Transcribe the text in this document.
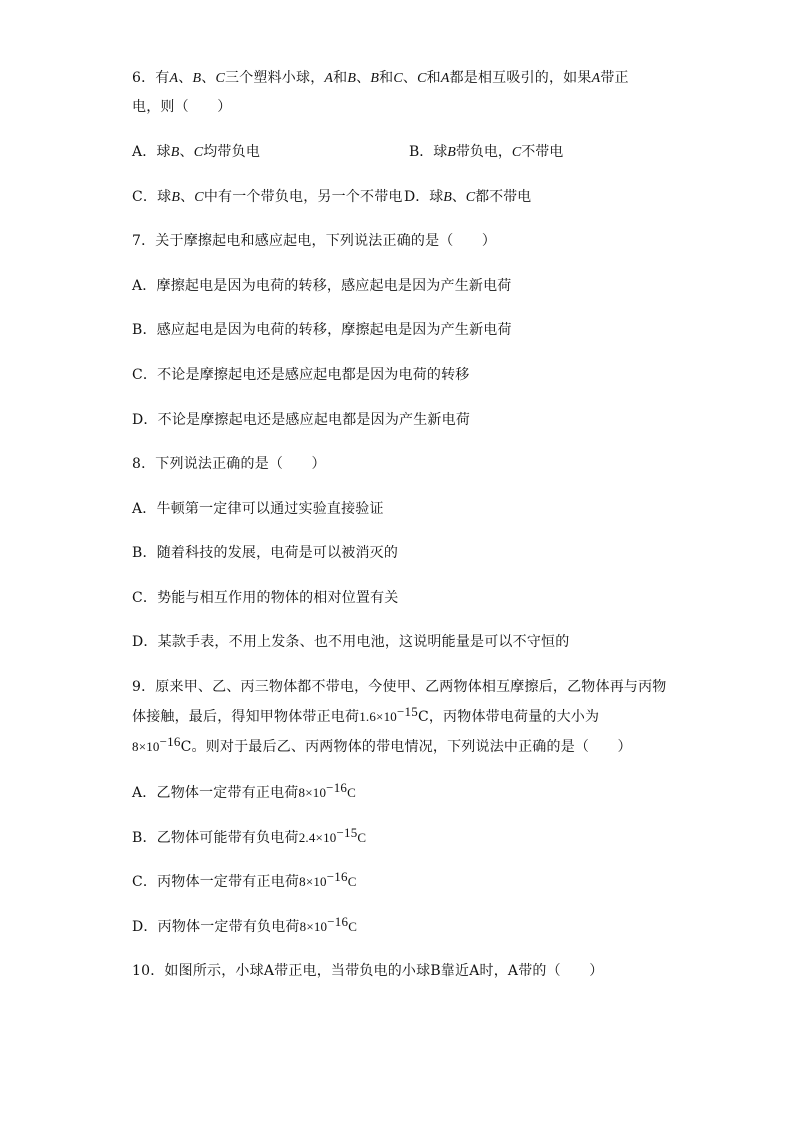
6．有A、B、C三个塑料小球，A和B、B和C、C和A都是相互吸引的，如果A带正
电，则（　　）
A．球B、C均带负电	B．球B带负电，C不带电
C．球B、C中有一个带负电，另一个不带电 D．球B、C都不带电
7．关于摩擦起电和感应起电，下列说法正确的是（　　）
A．摩擦起电是因为电荷的转移，感应起电是因为产生新电荷
B．感应起电是因为电荷的转移，摩擦起电是因为产生新电荷
C．不论是摩擦起电还是感应起电都是因为电荷的转移
D．不论是摩擦起电还是感应起电都是因为产生新电荷
8．下列说法正确的是（　　）
A．牛顿第一定律可以通过实验直接验证
B．随着科技的发展，电荷是可以被消灭的
C．势能与相互作用的物体的相对位置有关
D．某款手表，不用上发条、也不用电池，这说明能量是可以不守恒的
9．原来甲、乙、丙三物体都不带电，今使甲、乙两物体相互摩擦后，乙物体再与丙物
体接触，最后，得知甲物体带正电荷$1.6\times 10^{-15}C$，丙物体带电荷量的大小为
$8\times 10^{-16}C$。则对于最后乙、丙两物体的带电情况，下列说法中正确的是（　　）
A．乙物体一定带有正电荷$8\times 10^{-16}C$
B．乙物体可能带有负电荷$2.4\times 10^{-15}C$
C．丙物体一定带有正电荷$8\times 10^{-16}C$
D．丙物体一定带有负电荷$8\times 10^{-16}C$
10．如图所示，小球A带正电，当带负电的小球B靠近A时，A带的（　　）
